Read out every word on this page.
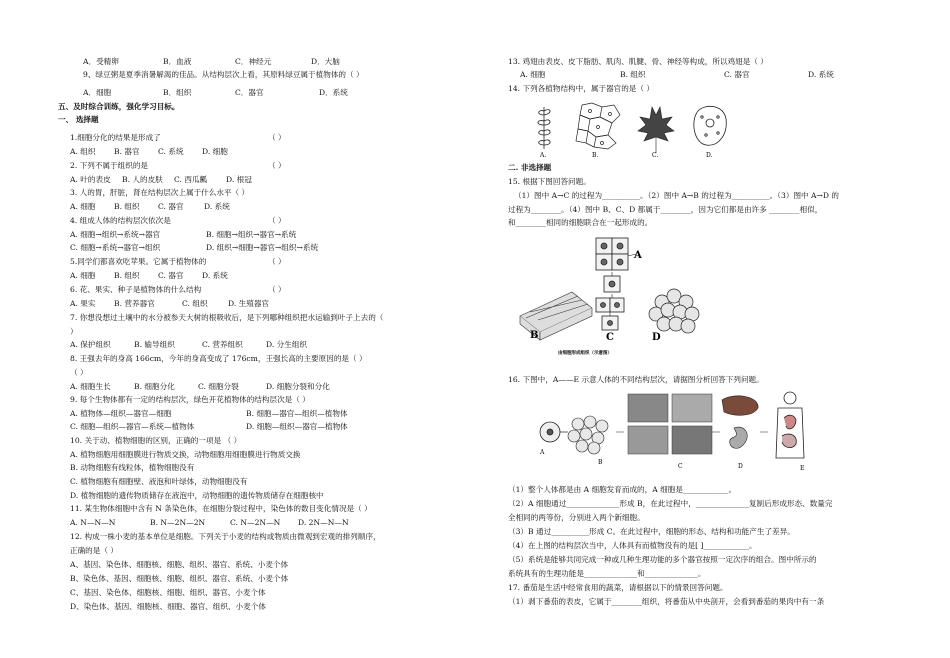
A．受精卵	B．血液	C．神经元	D．大脑
9、绿豆粥是夏季消暑解渴的佳品。从结构层次上看，其原料绿豆属于植物体的（ ）
A．细胞	B．组织	C．器官	D．系统
五、及时综合训练，强化学习目标。
一、 选择题
1.细胞分化的结果是形成了	（ ）
A. 组织 B. 器官 C. 系统 D. 细胞
2. 下列不属于组织的是	（ ）
A. 叶的表皮 B. 人的皮肤 C. 西瓜瓤 D. 根冠
3. 人的胃，肝脏，肾在结构层次上属于什么水平（ ）
A. 细胞 B. 组织 C. 器官	D. 系统
4. 组成人体的结构层次依次是	（ ）
A. 细胞→组织→系统→器官	B. 细胞→组织→器官→系统
C. 细胞→系统→器官→组织	D. 组织→细胞→器官→组织→系统
5.同学们都喜欢吃苹果。它属于植物体的	（ ）
A. 细胞 B. 组织 C. 器官 D. 系统
6. 花、果实、种子是植物体的什么结构	（ ）
A. 果实 B. 营养器官	C. 组织	D. 生殖器官
7. 你想没想过土壤中的水分被参天大树的根吸收后，是下列哪种组织把水运输到叶子上去的（
）
A. 保护组织	B. 输导组织	C. 营养组织	D. 分生组织
8. 王强去年的身高 166cm，今年的身高变成了 176cm，王强长高的主要原因的是（ ）
（ ）
A. 细胞生长	B. 细胞分化	C. 细胞分裂	D. 细胞分裂和分化
9. 每个生物体都有一定的结构层次，绿色开花植物体的结构层次是（ ）
A. 植物体—组织—器官—细胞	B. 细胞—器官—组织—植物体
C. 细胞—组织—器官—系统—植物体	D. 细胞—组织—器官—植物体
10. 关于动、植物细胞的区别，正确的一项是 （ ）
A. 植物细胞用细胞膜进行物质交换，动物细胞用细胞膜进行物质交换
B. 动物细胞有线粒体，植物细胞没有
C. 植物细胞有细胞壁、液泡和叶绿体，动物细胞没有
D. 植物细胞的遗传物质储存在液泡中，动物细胞的遗传物质储存在细胞核中
11. 某生物体细胞中含有 N 条染色体，在细胞分裂过程中，染色体的数目变化情况是（ ）
A. N—N—N	B. N—2N—2N	C. N—2N—N D. 2N—N—N
12. 构成一株小麦的基本单位是细胞。下列关于小麦的结构或物质由微观到宏观的排列顺序，
正确的是（ ）
A、基因、染色体、细胞核、细胞、组织、器官、系统、小麦个体
B、染色体、基因、细胞核、细胞、组织、器官、系统、小麦个体
C、基因、染色体、细胞核、细胞、组织、器官、小麦个体
D、染色体、基因、细胞核、细胞、器官、组织、小麦个体
13. 鸡翅由表皮、皮下脂肪、肌肉、肌腱、骨、神经等构成，所以鸡翅是（ ）
A. 细胞	B. 组织	C. 器官	D. 系统
14. 下列各植物结构中，属于器官的是（ ）
A.	B.	C.	D.
二. 非选择题
15. 根据下图回答问题。
（1）图中 A→C 的过程为__________。（2）图中 A→B 的过程为__________。（3）图中 A→D 的
过程为________。（4）图中 B、C、D 都属于________，因为它们都是由许多 ________相似，
和________相同的细胞联合在一起形成的。
A
B	C	D
由细胞形成组织（示意图）
16. 下图中，A——E 示意人体的不同结构层次，请据图分析回答下列问题。
A
B
C	D	E
（1）整个人体都是由 A 细胞发育而成的，A 细胞是____________。
（2）A 细胞通过______________形成 B，在此过程中，______________复制后形成形态、数量完
全相同的两等份，分别进入两个新细胞。
（3）B 通过__________形成 C。在此过程中，细胞的形态、结构和功能产生了差异。
（4）在上图的结构层次当中，人体具有而植物没有的是[ ]____________。
（5）系统是能够共同完成一种或几种生理功能的多个器官按照一定次序的组合。图中所示的
系统具有的生理功能是______________和______________。
17. 番茄是生活中经常食用的蔬菜，请根据以下的情景回答问题。
（1）剥下番茄的表皮，它属于________组织，将番茄从中央剖开，会看到番茄的果肉中有一条
